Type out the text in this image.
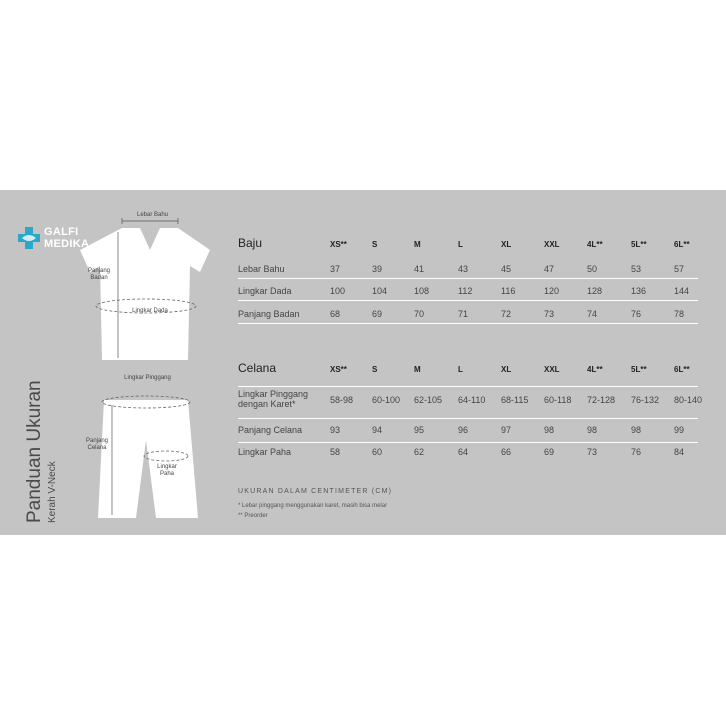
GALFI
MEDIKA
Panduan Ukuran Kerah V-Neck
Lebar Bahu
Panjang
Badan
Lingkar Dada
Lingkar Pinggang
Panjang
Celana
Lingkar
Paha
Baju	XS**	S	M	L	XL	XXL	4L**	5L**	6L**
Lebar Bahu	37	39	41	43	45	47	50	53	57
Lingkar Dada	100	104	108	112	116	120	128	136	144
Panjang Badan	68	69	70	71	72	73	74	76	78
Celana	XS**	S	M	L	XL	XXL	4L**	5L**	6L**
Lingkar Pinggang
dengan Karet*	58-98	60-100	62-105	64-110	68-115	60-118	72-128	76-132	80-140
Panjang Celana	93	94	95	96	97	98	98	98	99
Lingkar Paha	58	60	62	64	66	69	73	76	84
UKURAN DALAM CENTIMETER (CM)
* Lebar pinggang menggunakan karet, masih bisa melar
** Preorder
